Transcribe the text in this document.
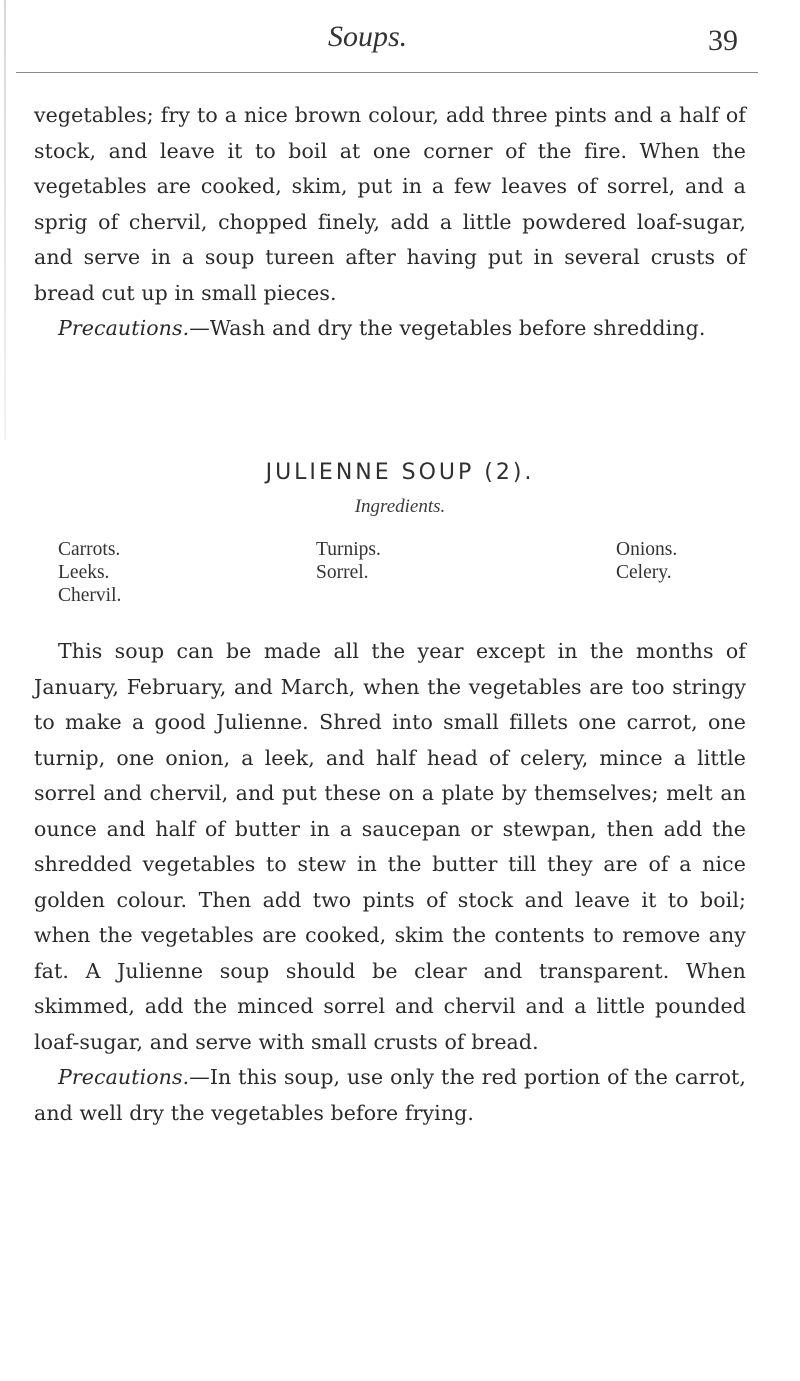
Soups.	39

vegetables; fry to a nice brown colour, add three pints and a half of stock, and leave it to boil at one corner of the fire. When the vegetables are cooked, skim, put in a few leaves of sorrel, and a sprig of chervil, chopped finely, add a little powdered loaf-sugar, and serve in a soup tureen after having put in several crusts of bread cut up in small pieces.

Precautions.—Wash and dry the vegetables before shredding.

JULIENNE SOUP (2).
Ingredients.
Carrots.	Turnips.	Onions.
Leeks.	Sorrel.	Celery.
Chervil.

This soup can be made all the year except in the months of January, February, and March, when the vegetables are too stringy to make a good Julienne. Shred into small fillets one carrot, one turnip, one onion, a leek, and half head of celery, mince a little sorrel and chervil, and put these on a plate by themselves; melt an ounce and half of butter in a saucepan or stewpan, then add the shredded vegetables to stew in the butter till they are of a nice golden colour. Then add two pints of stock and leave it to boil; when the vegetables are cooked, skim the contents to remove any fat. A Julienne soup should be clear and transparent. When skimmed, add the minced sorrel and chervil and a little pounded loaf-sugar, and serve with small crusts of bread.

Precautions.—In this soup, use only the red portion of the carrot, and well dry the vegetables before frying.
